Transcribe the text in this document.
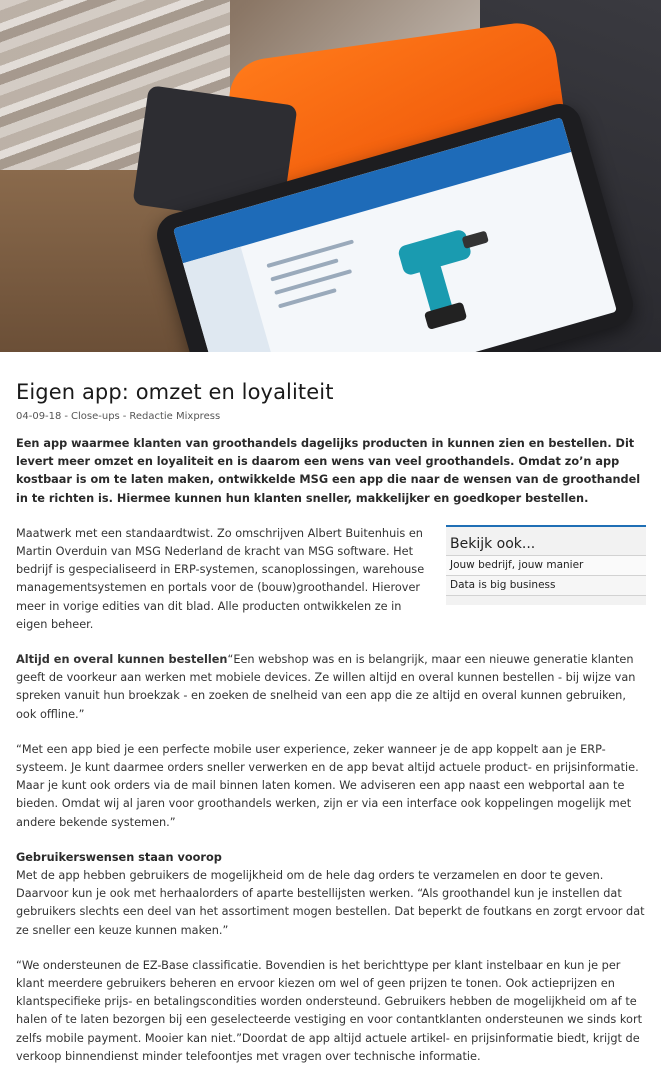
Eigen app: omzet en loyaliteit
04-09-18 - Close-ups - Redactie Mixpress

Een app waarmee klanten van groothandels dagelijks producten in kunnen zien en bestellen. Dit levert meer omzet en loyaliteit en is daarom een wens van veel groothandels. Omdat zo’n app kostbaar is om te laten maken, ontwikkelde MSG een app die naar de wensen van de groothandel in te richten is. Hiermee kunnen hun klanten sneller, makkelijker en goedkoper bestellen.

Maatwerk met een standaardtwist. Zo omschrijven Albert Buitenhuis en Martin Overduin van MSG Nederland de kracht van MSG software. Het bedrijf is gespecialiseerd in ERP-systemen, scanoplossingen, warehouse managementsystemen en portals voor de (bouw)groothandel. Hierover meer in vorige edities van dit blad. Alle producten ontwikkelen ze in eigen beheer.

Bekijk ook...
Jouw bedrijf, jouw manier
Data is big business

Altijd en overal kunnen bestellen“Een webshop was en is belangrijk, maar een nieuwe generatie klanten geeft de voorkeur aan werken met mobiele devices. Ze willen altijd en overal kunnen bestellen - bij wijze van spreken vanuit hun broekzak - en zoeken de snelheid van een app die ze altijd en overal kunnen gebruiken, ook offline.”

“Met een app bied je een perfecte mobile user experience, zeker wanneer je de app koppelt aan je ERP-systeem. Je kunt daarmee orders sneller verwerken en de app bevat altijd actuele product- en prijsinformatie. Maar je kunt ook orders via de mail binnen laten komen. We adviseren een app naast een webportal aan te bieden. Omdat wij al jaren voor groothandels werken, zijn er via een interface ook koppelingen mogelijk met andere bekende systemen.”

Gebruikerswensen staan voorop

Met de app hebben gebruikers de mogelijkheid om de hele dag orders te verzamelen en door te geven. Daarvoor kun je ook met herhaalorders of aparte bestellijsten werken. “Als groothandel kun je instellen dat gebruikers slechts een deel van het assortiment mogen bestellen. Dat beperkt de foutkans en zorgt ervoor dat ze sneller een keuze kunnen maken.”

“We ondersteunen de EZ-Base classificatie. Bovendien is het berichttype per klant instelbaar en kun je per klant meerdere gebruikers beheren en ervoor kiezen om wel of geen prijzen te tonen. Ook actieprijzen en klantspecifieke prijs- en betalingscondities worden ondersteund. Gebruikers hebben de mogelijkheid om af te halen of te laten bezorgen bij een geselecteerde vestiging en voor contantklanten ondersteunen we sinds kort zelfs mobile payment. Mooier kan niet.”Doordat de app altijd actuele artikel- en prijsinformatie biedt, krijgt de verkoop binnendienst minder telefoontjes met vragen over technische informatie.
